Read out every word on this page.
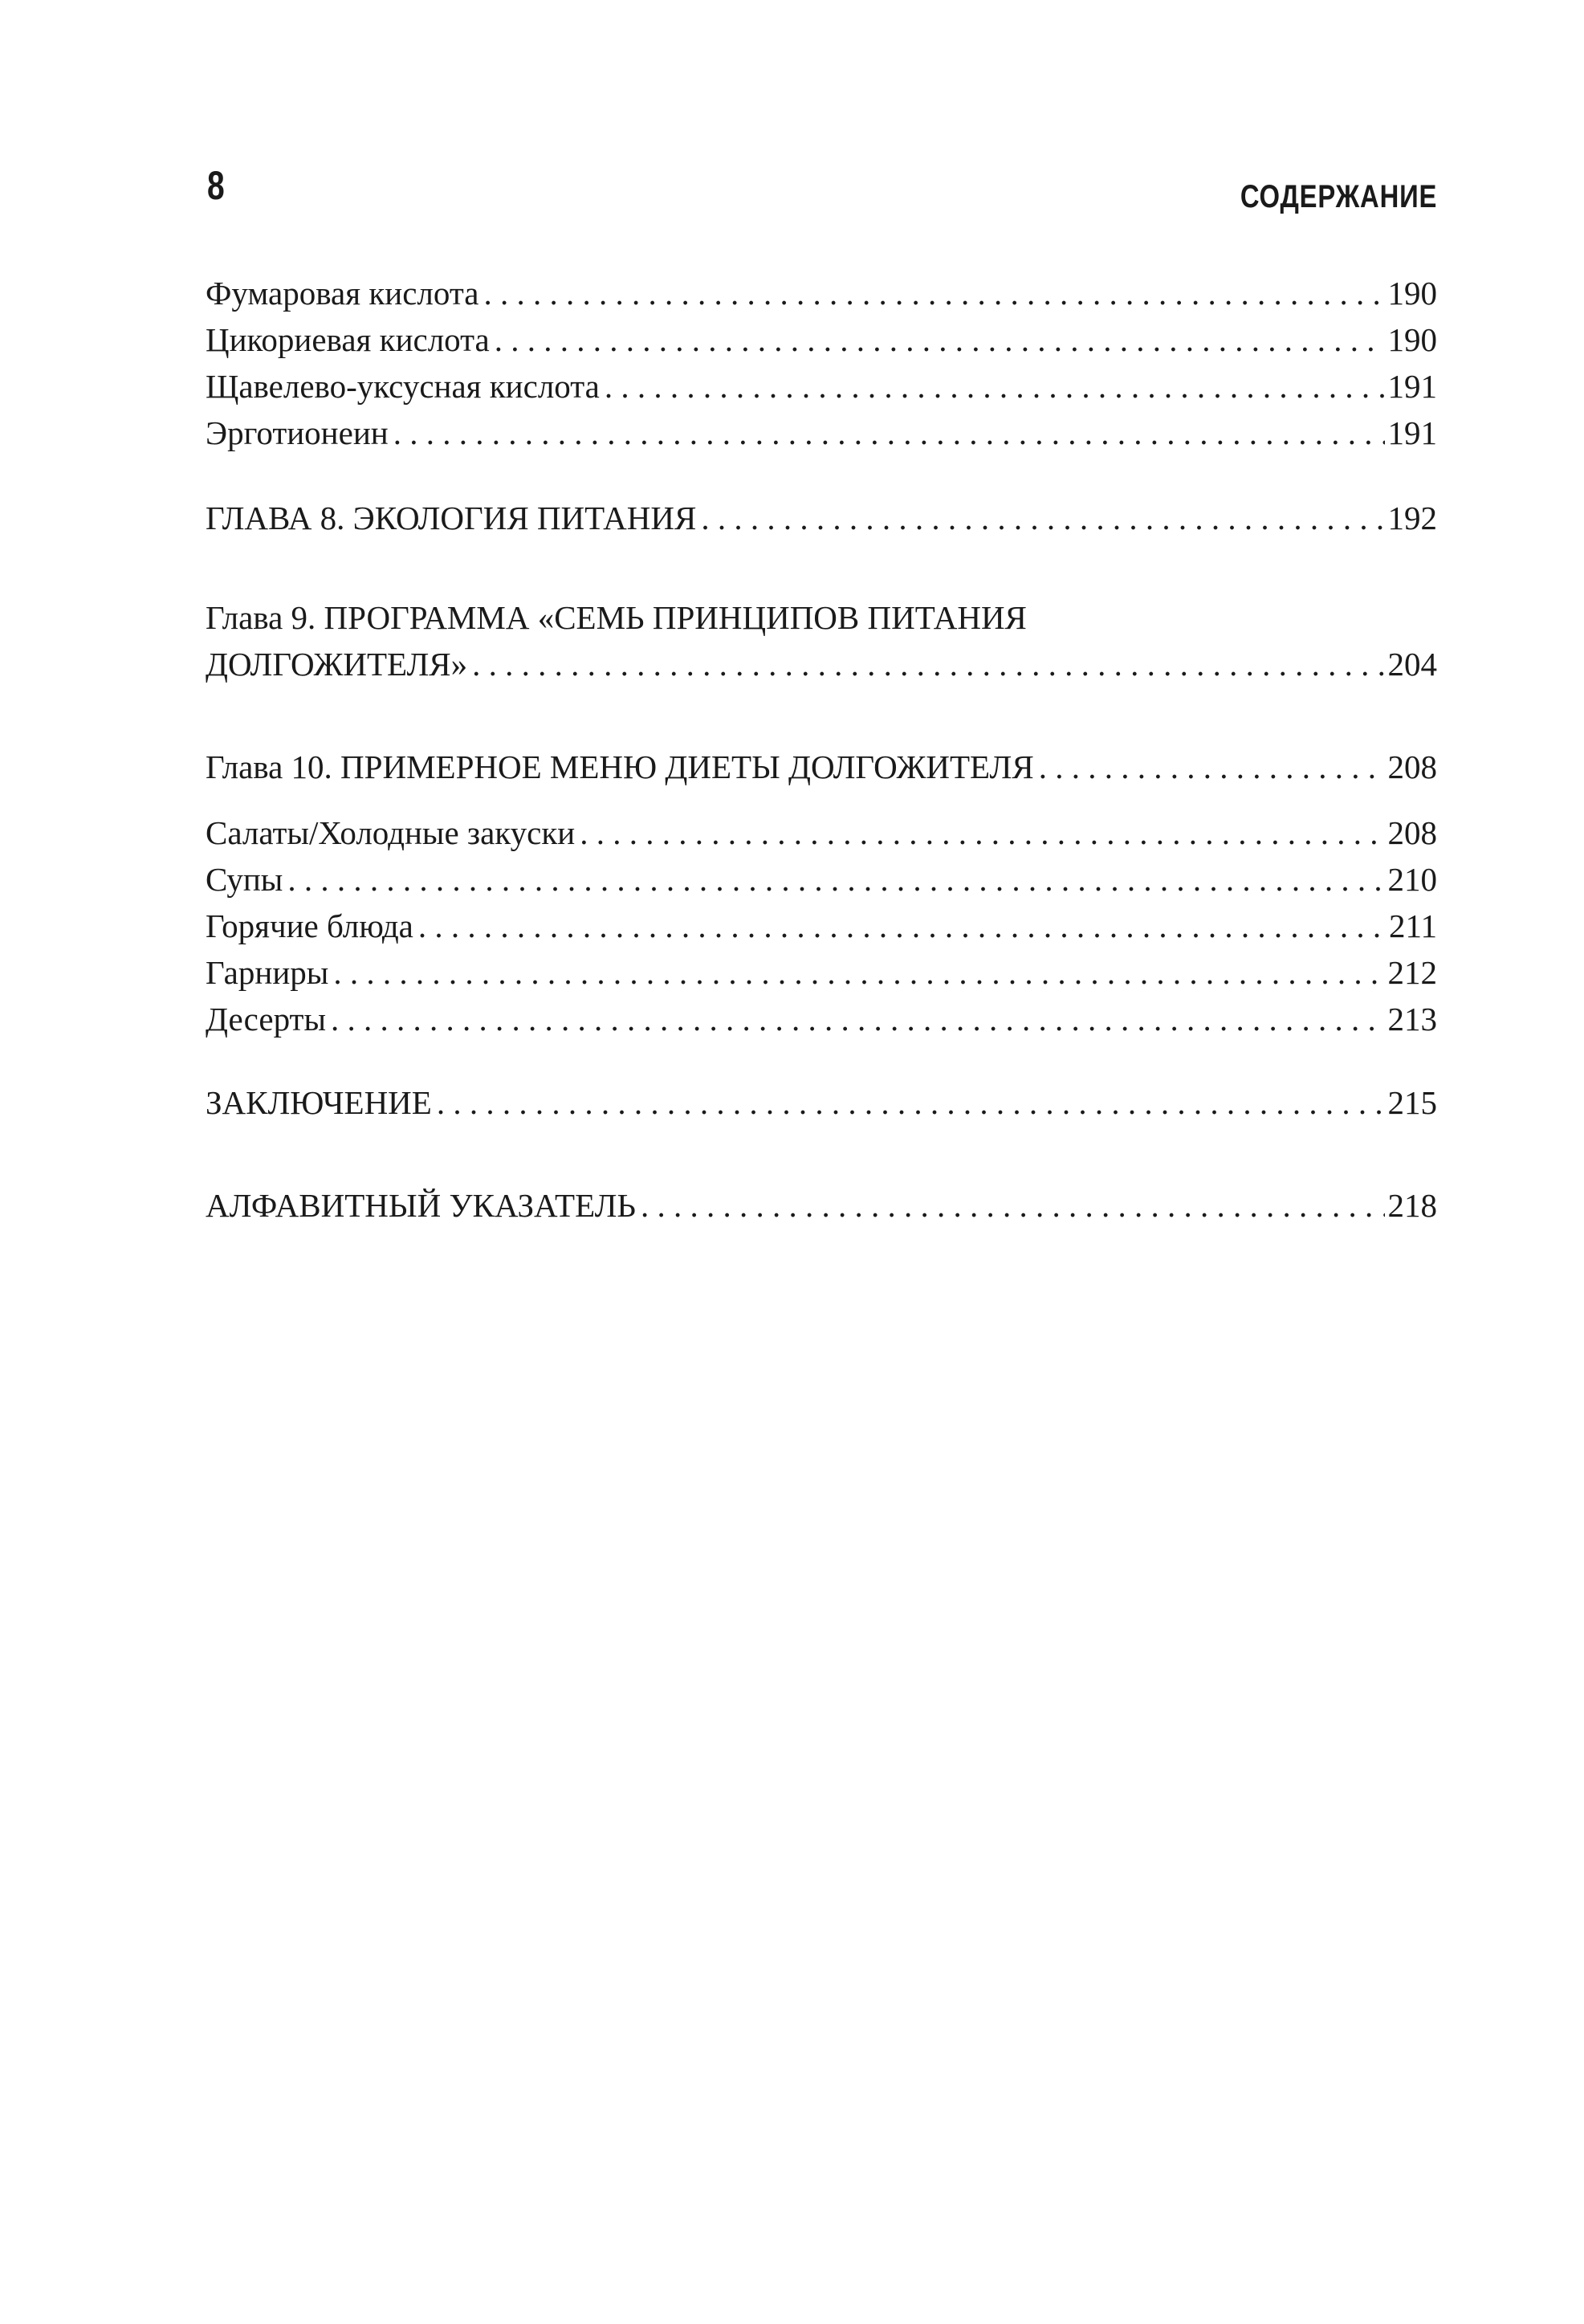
8	СОДЕРЖАНИЕ
Фумаровая кислота . . .	190
Цикориевая кислота . . .	190
Щавелево-уксусная кислота . . .	191
Эрготионеин . . .	191
ГЛАВА 8. ЭКОЛОГИЯ ПИТАНИЯ . . .	192
Глава 9. ПРОГРАММА «СЕМЬ ПРИНЦИПОВ ПИТАНИЯ
ДОЛГОЖИТЕЛЯ» . . .	204
Глава 10. ПРИМЕРНОЕ МЕНЮ ДИЕТЫ ДОЛГОЖИТЕЛЯ . . .	208
Салаты/Холодные закуски . . .	208
Супы . . .	210
Горячие блюда . . .	211
Гарниры . . .	212
Десерты . . .	213
ЗАКЛЮЧЕНИЕ . . .	215
АЛФАВИТНЫЙ УКАЗАТЕЛЬ . . .	218
